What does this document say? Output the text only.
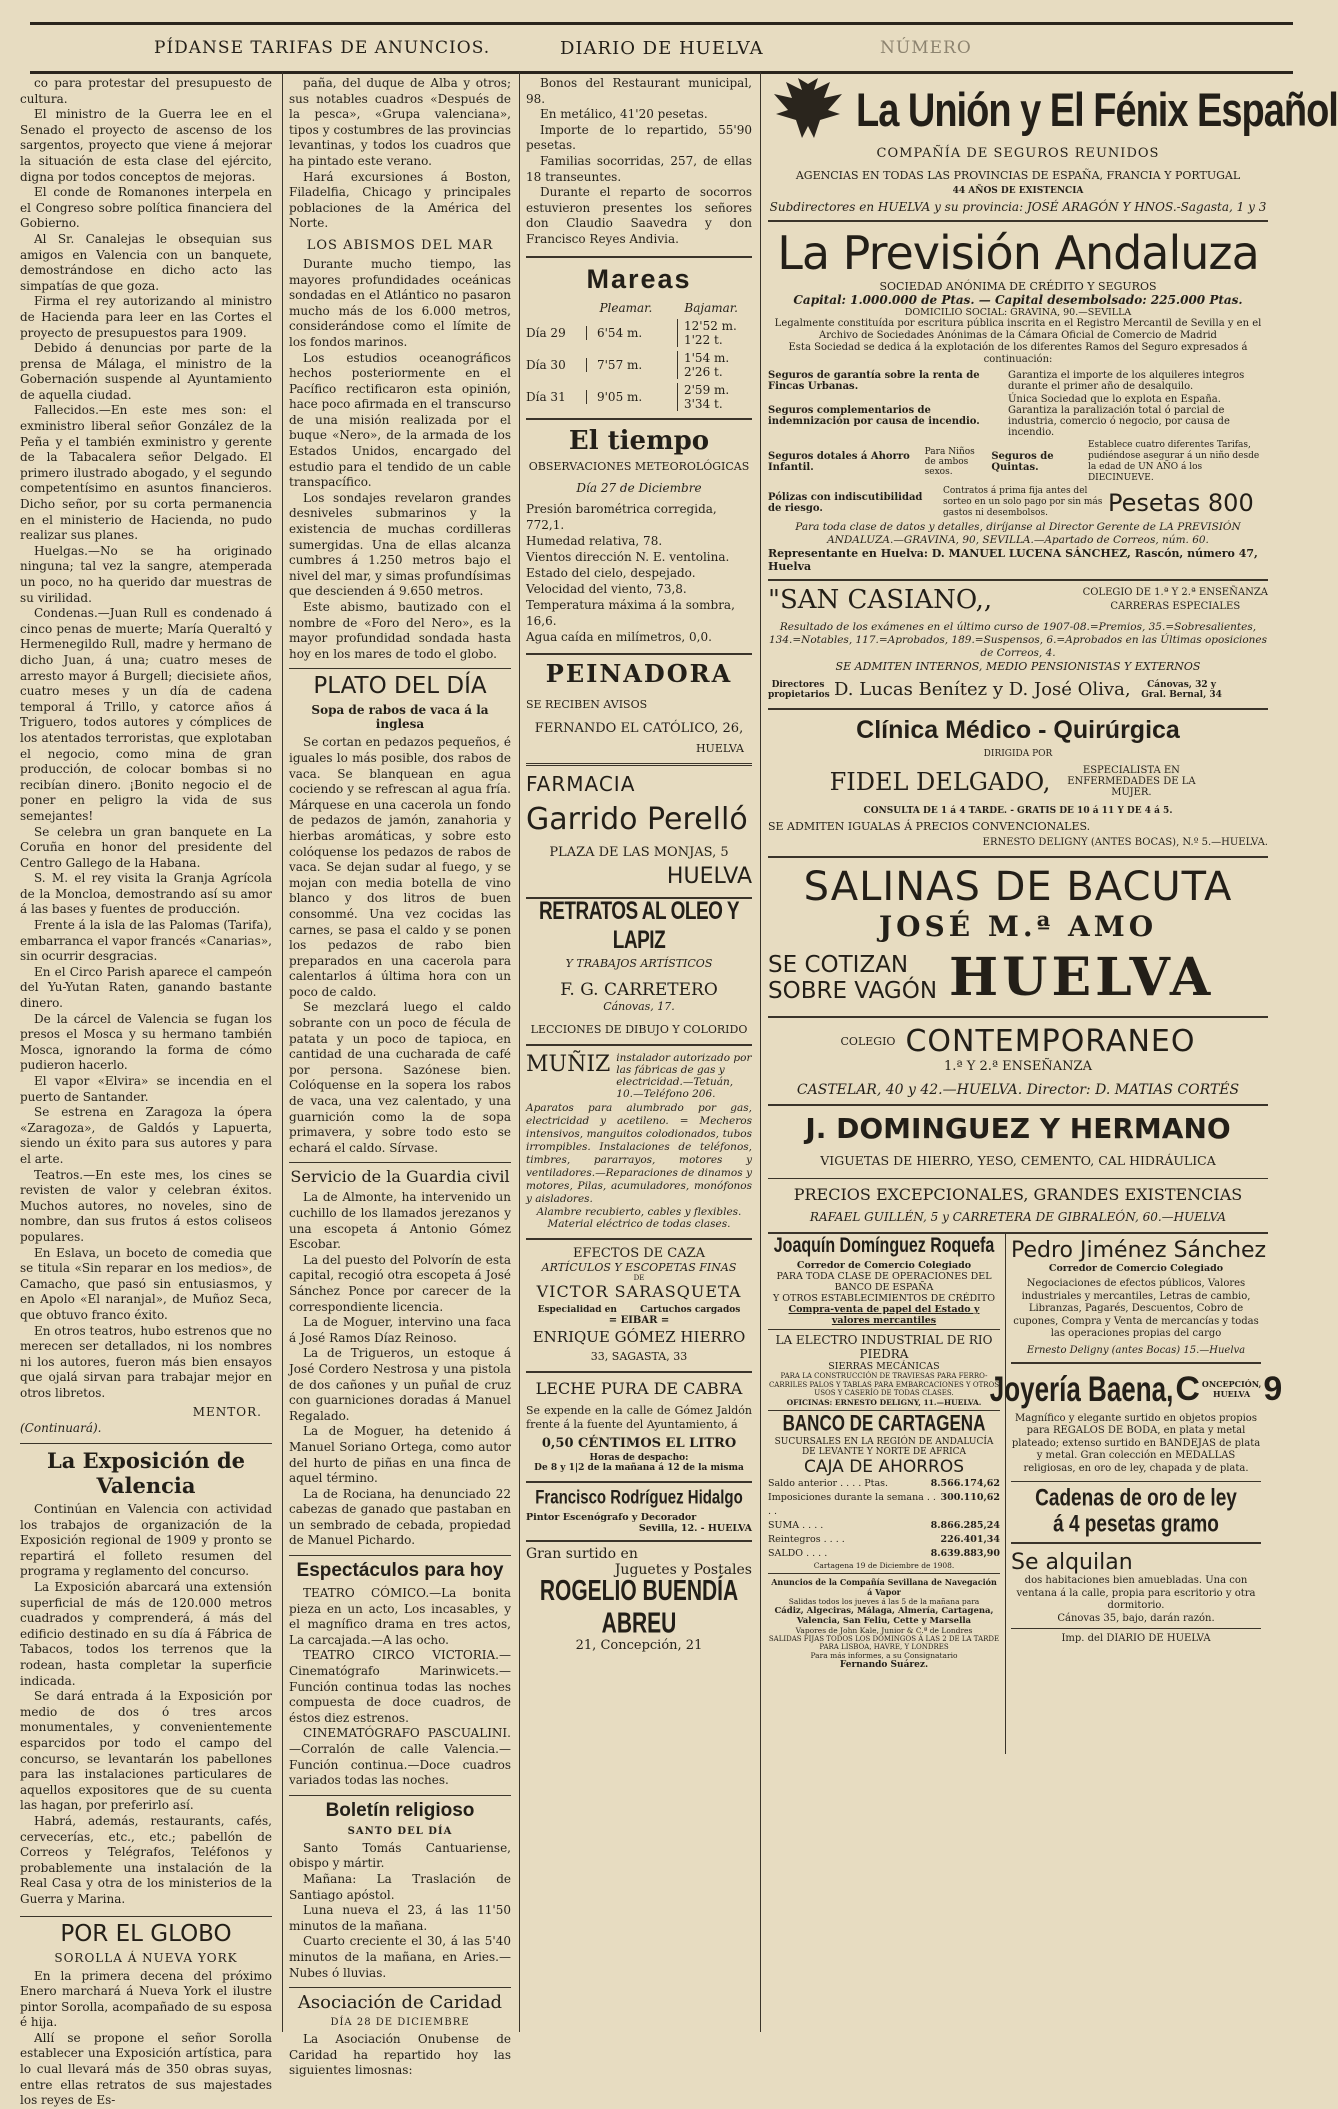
PÍDANSE TARIFAS DE ANUNCIOS.	DIARIO DE HUELVA	NÚMERO

co para protestar del presupuesto de cultura.

El ministro de la Guerra lee en el Senado el proyecto de ascenso de los sargentos, proyecto que viene á mejorar la situación de esta clase del ejército, digna por todos conceptos de mejoras.

El conde de Romanones interpela en el Congreso sobre política financiera del Gobierno.

Al Sr. Canalejas le obsequian sus amigos en Valencia con un banquete, demostrándose en dicho acto las simpatías de que goza.

Firma el rey autorizando al ministro de Hacienda para leer en las Cortes el proyecto de presupuestos para 1909.

Debido á denuncias por parte de la prensa de Málaga, el ministro de la Gobernación suspende al Ayuntamiento de aquella ciudad.

Fallecidos.—En este mes son: el exministro liberal señor González de la Peña y el también exministro y gerente de la Tabacalera señor Delgado. El primero ilustrado abogado, y el segundo competentísimo en asuntos financieros. Dicho señor, por su corta permanencia en el ministerio de Hacienda, no pudo realizar sus planes.

Huelgas.—No se ha originado ninguna; tal vez la sangre, atemperada un poco, no ha querido dar muestras de su virilidad.

Condenas.—Juan Rull es condenado á cinco penas de muerte; María Queraltó y Hermenegildo Rull, madre y hermano de dicho Juan, á una; cuatro meses de arresto mayor á Burgell; diecisiete años, cuatro meses y un día de cadena temporal á Trillo, y catorce años á Triguero, todos autores y cómplices de los atentados terroristas, que explotaban el negocio, como mina de gran producción, de colocar bombas si no recibían dinero. ¡Bonito negocio el de poner en peligro la vida de sus semejantes!

Se celebra un gran banquete en La Coruña en honor del presidente del Centro Gallego de la Habana.

S. M. el rey visita la Granja Agrícola de la Moncloa, demostrando así su amor á las bases y fuentes de producción.

Frente á la isla de las Palomas (Tarifa), embarranca el vapor francés «Canarias», sin ocurrir desgracias.

En el Circo Parish aparece el campeón del Yu-Yutan Raten, ganando bastante dinero.

De la cárcel de Valencia se fugan los presos el Mosca y su hermano también Mosca, ignorando la forma de cómo pudieron hacerlo.

El vapor «Elvira» se incendia en el puerto de Santander.

Se estrena en Zaragoza la ópera «Zaragoza», de Galdós y Lapuerta, siendo un éxito para sus autores y para el arte.

Teatros.—En este mes, los cines se revisten de valor y celebran éxitos. Muchos autores, no noveles, sino de nombre, dan sus frutos á estos coliseos populares.

En Eslava, un boceto de comedia que se titula «Sin reparar en los medios», de Camacho, que pasó sin entusiasmos, y en Apolo «El naranjal», de Muñoz Seca, que obtuvo franco éxito.

En otros teatros, hubo estrenos que no merecen ser detallados, ni los nombres ni los autores, fueron más bien ensayos que ojalá sirvan para trabajar mejor en otros libretos.

MENTOR.
(Continuará).
La Exposición de Valencia

Continúan en Valencia con actividad los trabajos de organización de la Exposición regional de 1909 y pronto se repartirá el folleto resumen del programa y reglamento del concurso.

La Exposición abarcará una extensión superficial de más de 120.000 metros cuadrados y comprenderá, á más del edificio destinado en su día á Fábrica de Tabacos, todos los terrenos que la rodean, hasta completar la superficie indicada.

Se dará entrada á la Exposición por medio de dos ó tres arcos monumentales, y convenientemente esparcidos por todo el campo del concurso, se levantarán los pabellones para las instalaciones particulares de aquellos expositores que de su cuenta las hagan, por preferirlo así.

Habrá, además, restaurants, cafés, cervecerías, etc., etc.; pabellón de Correos y Telégrafos, Teléfonos y probablemente una instalación de la Real Casa y otra de los ministerios de la Guerra y Marina.

POR EL GLOBO
SOROLLA Á NUEVA YORK

En la primera decena del próximo Enero marchará á Nueva York el ilustre pintor Sorolla, acompañado de su esposa é hija.

Allí se propone el señor Sorolla establecer una Exposición artística, para lo cual llevará más de 350 obras suyas, entre ellas retratos de sus majestades los reyes de Es-

paña, del duque de Alba y otros; sus notables cuadros «Después de la pesca», «Grupa valenciana», tipos y costumbres de las provincias levantinas, y todos los cuadros que ha pintado este verano.

Hará excursiones á Boston, Filadelfia, Chicago y principales poblaciones de la América del Norte.

LOS ABISMOS DEL MAR

Durante mucho tiempo, las mayores profundidades oceánicas sondadas en el Atlántico no pasaron mucho más de los 6.000 metros, considerándose como el límite de los fondos marinos.

Los estudios oceanográficos hechos posteriormente en el Pacífico rectificaron esta opinión, hace poco afirmada en el transcurso de una misión realizada por el buque «Nero», de la armada de los Estados Unidos, encargado del estudio para el tendido de un cable transpacífico.

Los sondajes revelaron grandes desniveles submarinos y la existencia de muchas cordilleras sumergidas. Una de ellas alcanza cumbres á 1.250 metros bajo el nivel del mar, y simas profundísimas que descienden á 9.650 metros.

Este abismo, bautizado con el nombre de «Foro del Nero», es la mayor profundidad sondada hasta hoy en los mares de todo el globo.

PLATO DEL DÍA
Sopa de rabos de vaca á la inglesa

Se cortan en pedazos pequeños, é iguales lo más posible, dos rabos de vaca. Se blanquean en agua cociendo y se refrescan al agua fría. Márquese en una cacerola un fondo de pedazos de jamón, zanahoria y hierbas aromáticas, y sobre esto colóquense los pedazos de rabos de vaca. Se dejan sudar al fuego, y se mojan con media botella de vino blanco y dos litros de buen consommé. Una vez cocidas las carnes, se pasa el caldo y se ponen los pedazos de rabo bien preparados en una cacerola para calentarlos á última hora con un poco de caldo.

Se mezclará luego el caldo sobrante con un poco de fécula de patata y un poco de tapioca, en cantidad de una cucharada de café por persona. Sazónese bien. Colóquense en la sopera los rabos de vaca, una vez calentado, y una guarnición como la de sopa primavera, y sobre todo esto se echará el caldo. Sírvase.

Servicio de la Guardia civil

La de Almonte, ha intervenido un cuchillo de los llamados jerezanos y una escopeta á Antonio Gómez Escobar.

La del puesto del Polvorín de esta capital, recogió otra escopeta á José Sánchez Ponce por carecer de la correspondiente licencia.

La de Moguer, intervino una faca á José Ramos Díaz Reinoso.

La de Trigueros, un estoque á José Cordero Nestrosa y una pistola de dos cañones y un puñal de cruz con guarniciones doradas á Manuel Regalado.

La de Moguer, ha detenido á Manuel Soriano Ortega, como autor del hurto de piñas en una finca de aquel término.

La de Rociana, ha denunciado 22 cabezas de ganado que pastaban en un sembrado de cebada, propiedad de Manuel Pichardo.

Espectáculos para hoy

TEATRO CÓMICO.—La bonita pieza en un acto, Los incasables, y el magnífico drama en tres actos, La carcajada.—A las ocho.

TEATRO CIRCO VICTORIA.—Cinematógrafo Marinwicets.—Función continua todas las noches compuesta de doce cuadros, de éstos diez estrenos.

CINEMATÓGRAFO PASCUALINI.—Corralón de calle Valencia.—Función continua.—Doce cuadros variados todas las noches.

Boletín religioso
SANTO DEL DÍA

Santo Tomás Cantuariense, obispo y mártir.

Mañana: La Traslación de Santiago apóstol.

Luna nueva el 23, á las 11'50 minutos de la mañana.

Cuarto creciente el 30, á las 5'40 minutos de la mañana, en Aries.—Nubes ó lluvias.

Asociación de Caridad
DÍA 28 DE DICIEMBRE

La Asociación Onubense de Caridad ha repartido hoy las siguientes limosnas:

Bonos del Restaurant municipal, 98.

En metálico, 41'20 pesetas.

Importe de lo repartido, 55'90 pesetas.

Familias socorridas, 257, de ellas 18 transeuntes.

Durante el reparto de socorros estuvieron presentes los señores don Claudio Saavedra y don Francisco Reyes Andivia.

Mareas
Pleamar.	Bajamar.
Día 29	6'54 m.	12'52 m.
1'22 t.
Día 30	7'57 m.	1'54 m.
2'26 t.
Día 31	9'05 m.	2'59 m.
3'34 t.
El tiempo
OBSERVACIONES METEOROLÓGICAS
Día 27 de Diciembre
Presión barométrica corregida, 772,1.
Humedad relativa, 78.
Vientos dirección N. E. ventolina.
Estado del cielo, despejado.
Velocidad del viento, 73,8.
Temperatura máxima á la sombra, 16,6.
Agua caída en milímetros, 0,0.
PEINADORA
SE RECIBEN AVISOS
FERNANDO EL CATÓLICO, 26,
HUELVA
FARMACIA
Garrido Perelló
PLAZA DE LAS MONJAS, 5
HUELVA
RETRATOS AL OLEO Y LAPIZ
Y TRABAJOS ARTÍSTICOS
F. G. CARRETERO
Cánovas, 17.
LECCIONES DE DIBUJO Y COLORIDO
MUÑIZ instalador autorizado por las fábricas de gas y electricidad.—Tetuán, 10.—Teléfono 206.
Aparatos para alumbrado por gas, electricidad y acetileno. = Mecheros intensivos, manguitos colodionados, tubos irrompibles. Instalaciones de teléfonos, timbres, pararrayos, motores y ventiladores.—Reparaciones de dinamos y motores, Pilas, acumuladores, monófonos y aisladores.
Alambre recubierto, cables y flexibles.
Material eléctrico de todas clases.
EFECTOS DE CAZA
ARTÍCULOS Y ESCOPETAS FINAS
DE
VICTOR SARASQUETA
Especialidad en	Cartuchos cargados
= EIBAR =
ENRIQUE GÓMEZ HIERRO
33, SAGASTA, 33
LECHE PURA DE CABRA
Se expende en la calle de Gómez Jaldón frente á la fuente del Ayuntamiento, á
0,50 CÉNTIMOS EL LITRO
Horas de despacho:
De 8 y 1|2 de la mañana á 12 de la misma
Francisco Rodríguez Hidalgo
Pintor Escenógrafo y Decorador
Sevilla, 12. - HUELVA
Gran surtido en
Juguetes y Postales
ROGELIO BUENDÍA ABREU
21, Concepción, 21
La Unión y El Fénix Español
COMPAÑÍA DE SEGUROS REUNIDOS
AGENCIAS EN TODAS LAS PROVINCIAS DE ESPAÑA, FRANCIA Y PORTUGAL
44 AÑOS DE EXISTENCIA
Subdirectores en HUELVA y su provincia: JOSÉ ARAGÓN Y HNOS.-Sagasta, 1 y 3
La Previsión Andaluza
SOCIEDAD ANÓNIMA DE CRÉDITO Y SEGUROS
Capital: 1.000.000 de Ptas. — Capital desembolsado: 225.000 Ptas.
DOMICILIO SOCIAL: GRAVINA, 90.—SEVILLA
Legalmente constituída por escritura pública inscrita en el Registro Mercantil de Sevilla y en el Archivo de Sociedades Anónimas de la Cámara Oficial de Comercio de Madrid
Esta Sociedad se dedica á la explotación de los diferentes Ramos del Seguro expresados á continuación:
Seguros de garantía sobre la renta de Fincas Urbanas.
Garantiza el importe de los alquileres integros durante el primer año de desalquilo.
Seguros complementarios de indemnización por causa de incendio.
Única Sociedad que lo explota en España. Garantiza la paralización total ó parcial de industria, comercio ó negocio, por causa de incendio.
Seguros dotales á Ahorro Infantil.
Para Niños de ambos sexos.
Seguros de Quintas.
Establece cuatro diferentes Tarifas, pudiéndose asegurar á un niño desde la edad de UN AÑO á los DIECINUEVE.
Pólizas con indiscutibilidad de riesgo.
Contratos á prima fija antes del sorteo en un solo pago por sin más gastos ni desembolsos.	Pesetas 800
Para toda clase de datos y detalles, diríjanse al Director Gerente de LA PREVISIÓN ANDALUZA.—GRAVINA, 90, SEVILLA.—Apartado de Correos, núm. 60.
Representante en Huelva: D. MANUEL LUCENA SÁNCHEZ, Rascón, número 47, Huelva
"SAN CASIANO,,	COLEGIO DE 1.ª Y 2.ª ENSEÑANZA
CARRERAS ESPECIALES
Resultado de los exámenes en el último curso de 1907-08.=Premios, 35.=Sobresalientes, 134.=Notables, 117.=Aprobados, 189.=Suspensos, 6.=Aprobados en las Últimas oposiciones de Correos, 4.
SE ADMITEN INTERNOS, MEDIO PENSIONISTAS Y EXTERNOS
Directores propietarios D. Lucas Benítez y D. José Oliva,	Cánovas, 32 y Gral. Bernal, 34
Clínica Médico - Quirúrgica
DIRIGIDA POR
FIDEL DELGADO,	ESPECIALISTA EN ENFERMEDADES DE LA MUJER.
CONSULTA DE 1 á 4 TARDE. - GRATIS DE 10 á 11 Y DE 4 á 5.
SE ADMITEN IGUALAS Á PRECIOS CONVENCIONALES.
ERNESTO DELIGNY (ANTES BOCAS), N.º 5.—HUELVA.
SALINAS DE BACUTA
JOSÉ M.ª AMO
SE COTIZAN
SOBRE VAGÓN HUELVA
COLEGIO CONTEMPORANEO
1.ª Y 2.ª ENSEÑANZA
CASTELAR, 40 y 42.—HUELVA. Director: D. MATIAS CORTÉS
J. DOMINGUEZ Y HERMANO
VIGUETAS DE HIERRO, YESO, CEMENTO, CAL HIDRÁULICA
PRECIOS EXCEPCIONALES, GRANDES EXISTENCIAS
RAFAEL GUILLÉN, 5 y CARRETERA DE GIBRALEÓN, 60.—HUELVA
Joaquín Domínguez Roquefa
Corredor de Comercio Colegiado
PARA TODA CLASE DE OPERACIONES DEL BANCO DE ESPAÑA
Y OTROS ESTABLECIMIENTOS DE CRÉDITO
Compra-venta de papel del Estado y valores mercantiles
LA ELECTRO INDUSTRIAL DE RIO PIEDRA
SIERRAS MECÁNICAS
PARA LA CONSTRUCCIÓN DE TRAVIESAS PARA FERRO-CARRILES PALOS Y TABLAS PARA EMBARCACIONES Y OTROS USOS Y CASERÍO DE TODAS CLASES.
OFICINAS: ERNESTO DELIGNY, 11.—HUELVA.
BANCO DE CARTAGENA
SUCURSALES EN LA REGIÓN DE ANDALUCÍA DE LEVANTE Y NORTE DE AFRICA
CAJA DE AHORROS
Saldo anterior . . . . Ptas.	8.566.174,62
Imposiciones durante la semana . . . .
300.110,62
SUMA . . . .	8.866.285,24
Reintegros . . . .	226.401,34
SALDO . . . .	8.639.883,90
Cartagena 19 de Diciembre de 1908.
Anuncios de la Compañía Sevillana de Navegación á Vapor
Salidas todos los jueves á las 5 de la mañana para
Cádiz, Algeciras, Málaga, Almería, Cartagena, Valencia, San Feliu, Cette y Marsella
Vapores de John Kale, Junior & C.ª de Londres
SALIDAS FIJAS TODOS LOS DOMINGOS Á LAS 2 DE LA TARDE PARA LISBOA, HAVRE, Y LONDRES
Para más informes, a su Consignatario
Fernando Suárez.
Pedro Jiménez Sánchez
Corredor de Comercio Colegiado
Negociaciones de efectos públicos, Valores industriales y mercantiles, Letras de cambio, Libranzas, Pagarés, Descuentos, Cobro de cupones, Compra y Venta de mercancías y todas las operaciones propias del cargo
Ernesto Deligny (antes Bocas) 15.—Huelva
Joyería Baena, C ONCEPCIÓN,
HUELVA 9
Magnífico y elegante surtido en objetos propios para REGALOS DE BODA, en plata y metal plateado; extenso surtido en BANDEJAS de plata y metal. Gran colección en MEDALLAS religiosas, en oro de ley, chapada y de plata.
Cadenas de oro de ley
á 4 pesetas gramo
Se alquilan

dos habitaciones bien amuebladas. Una con ventana á la calle, propia para escritorio y otra dormitorio.
Cánovas 35, bajo, darán razón.
Imp. del DIARIO DE HUELVA
